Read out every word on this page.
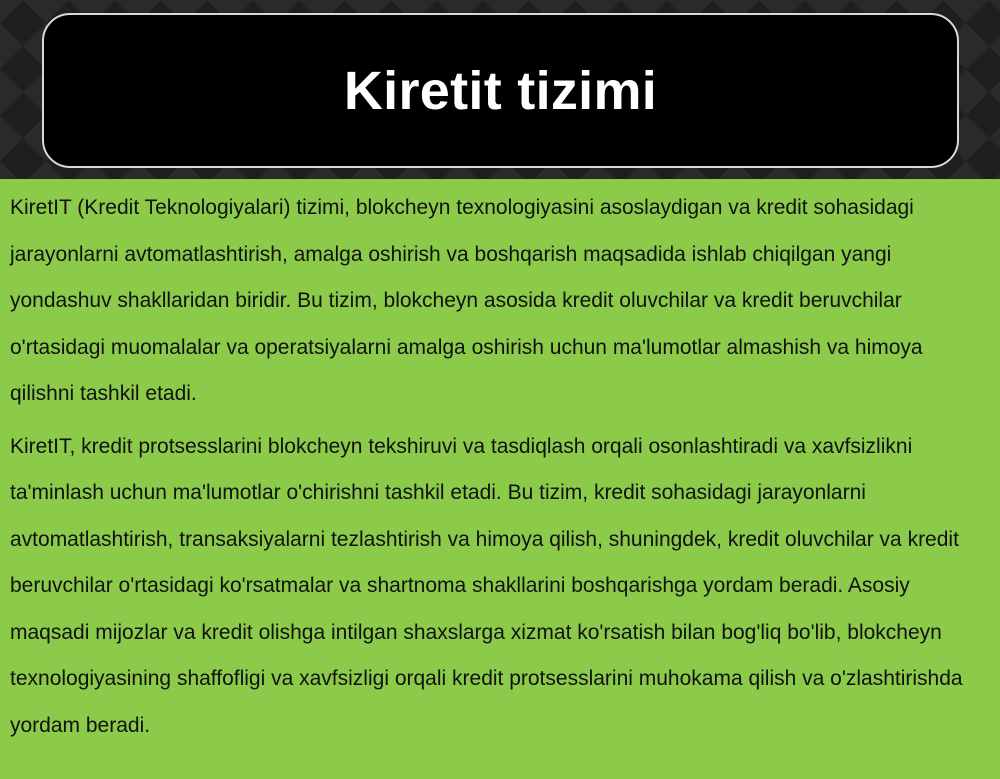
Kiretit tizimi

KiretIT (Kredit Teknologiyalari) tizimi, blokcheyn texnologiyasini asoslaydigan va kredit sohasidagi jarayonlarni avtomatlashtirish, amalga oshirish va boshqarish maqsadida ishlab chiqilgan yangi yondashuv shakllaridan biridir. Bu tizim, blokcheyn asosida kredit oluvchilar va kredit beruvchilar o'rtasidagi muomalalar va operatsiyalarni amalga oshirish uchun ma'lumotlar almashish va himoya qilishni tashkil etadi.

KiretIT, kredit protsesslarini blokcheyn tekshiruvi va tasdiqlash orqali osonlashtiradi va xavfsizlikni ta'minlash uchun ma'lumotlar o'chirishni tashkil etadi. Bu tizim, kredit sohasidagi jarayonlarni avtomatlashtirish, transaksiyalarni tezlashtirish va himoya qilish, shuningdek, kredit oluvchilar va kredit beruvchilar o'rtasidagi ko'rsatmalar va shartnoma shakllarini boshqarishga yordam beradi. Asosiy maqsadi mijozlar va kredit olishga intilgan shaxslarga xizmat ko'rsatish bilan bog'liq bo'lib, blokcheyn texnologiyasining shaffofligi va xavfsizligi orqali kredit protsesslarini muhokama qilish va o'zlashtirishda yordam beradi.
